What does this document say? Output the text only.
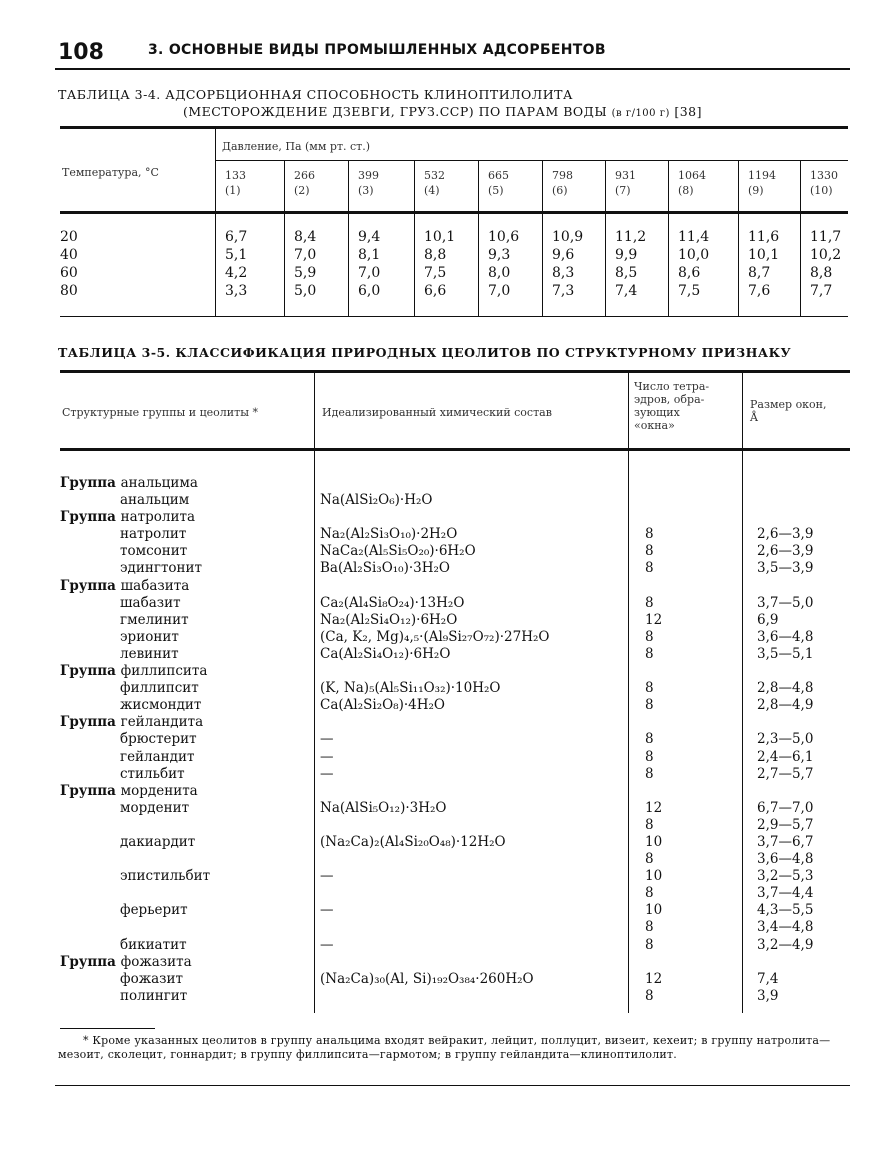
108	3. ОСНОВНЫЕ ВИДЫ ПРОМЫШЛЕННЫХ АДСОРБЕНТОВ
ТАБЛИЦА 3-4. АДСОРБЦИОННАЯ СПОСОБНОСТЬ КЛИНОПТИЛОЛИТА
(МЕСТОРОЖДЕНИЕ ДЗЕВГИ, ГРУЗ.ССР) ПО ПАРАМ ВОДЫ (в г/100 г) [38]
Температура, °С
Давление, Па (мм рт. ст.)
133
(1)
266
(2)
399
(3)
532
(4)
665
(5)
798
(6)
931
(7)
1064
(8)
1194
(9)
1330
(10)
20
40
60
80
6,7
5,1
4,2
3,3
8,4
7,0
5,9
5,0
9,4
8,1
7,0
6,0
10,1
8,8
7,5
6,6
10,6
9,3
8,0
7,0
10,9
9,6
8,3
7,3
11,2
9,9
8,5
7,4
11,4
10,0
8,6
7,5
11,6
10,1
8,7
7,6
11,7
10,2
8,8
7,7
ТАБЛИЦА 3-5. КЛАССИФИКАЦИЯ ПРИРОДНЫХ ЦЕОЛИТОВ ПО СТРУКТУРНОМУ ПРИЗНАКУ
Структурные группы и цеолиты *	Идеализированный химический состав
Число тетра-
эдров, обра-
зующих
«окна»
Размер окон,
Å
Группа анальцима
анальцим
Группа натролита
натролит
томсонит
эдингтонит
Группа шабазита
шабазит
гмелинит
эрионит
левинит
Группа филлипсита
филлипсит
жисмондит
Группа гейландита
брюстерит
гейландит
стильбит
Группа морденита
морденит

дакиардит

эпистильбит

ферьерит

бикиатит
Группа фожазита
фожазит
полингит

Na(AlSi₂O₆)·H₂O

Na₂(Al₂Si₃O₁₀)·2H₂O
NaCa₂(Al₅Si₅O₂₀)·6H₂O
Ba(Al₂Si₃O₁₀)·3H₂O

Ca₂(Al₄Si₈O₂₄)·13H₂O
Na₂(Al₂Si₄O₁₂)·6H₂O
(Ca, K₂, Mg)₄,₅·(Al₉Si₂₇O₇₂)·27H₂O
Ca(Al₂Si₄O₁₂)·6H₂O

(K, Na)₅(Al₅Si₁₁O₃₂)·10H₂O
Ca(Al₂Si₂O₈)·4H₂O

—
—
—

Na(AlSi₅O₁₂)·3H₂O

(Na₂Ca)₂(Al₄Si₂₀O₄₈)·12H₂O

—

—

—

(Na₂Ca)₃₀(Al, Si)₁₉₂O₃₈₄·260H₂O

8
8
8

8
12
8
8

8
8

8
8
8

12
8
10
8
10
8
10
8
8

12
8

2,6—3,9
2,6—3,9
3,5—3,9

3,7—5,0
6,9
3,6—4,8
3,5—5,1

2,8—4,8
2,8—4,9

2,3—5,0
2,4—6,1
2,7—5,7

6,7—7,0
2,9—5,7
3,7—6,7
3,6—4,8
3,2—5,3
3,7—4,4
4,3—5,5
3,4—4,8
3,2—4,9

7,4
3,9
* Кроме указанных цеолитов в группу анальцима входят вейракит, лейцит, поллуцит, визеит, кехеит; в группу натролита—мезоит, сколецит, гоннардит; в группу филлипсита—гармотом; в группу гейландита—клиноптилолит.
